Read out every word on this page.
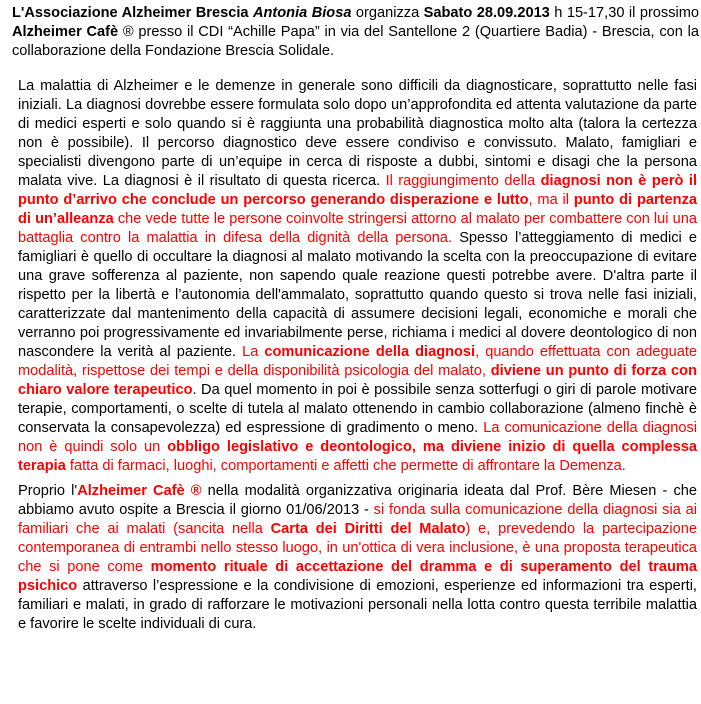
L'Associazione Alzheimer Brescia Antonia Biosa organizza Sabato 28.09.2013 h 15-17,30 il prossimo Alzheimer Cafè ® presso il CDI “Achille Papa” in via del Santellone 2 (Quartiere Badia) - Brescia, con la collaborazione della Fondazione Brescia Solidale.

La malattia di Alzheimer e le demenze in generale sono difficili da diagnosticare, soprattutto nelle fasi iniziali. La diagnosi dovrebbe essere formulata solo dopo un’approfondita ed attenta valutazione da parte di medici esperti e solo quando si è raggiunta una probabilità diagnostica molto alta (talora la certezza non è possibile). Il percorso diagnostico deve essere condiviso e convissuto. Malato, famigliari e specialisti divengono parte di un’equipe in cerca di risposte a dubbi, sintomi e disagi che la persona malata vive. La diagnosi è il risultato di questa ricerca. Il raggiungimento della diagnosi non è però il punto d’arrivo che conclude un percorso generando disperazione e lutto, ma il punto di partenza di un’alleanza che vede tutte le persone coinvolte stringersi attorno al malato per combattere con lui una battaglia contro la malattia in difesa della dignità della persona. Spesso l’atteggiamento di medici e famigliari è quello di occultare la diagnosi al malato motivando la scelta con la preoccupazione di evitare una grave sofferenza al paziente, non sapendo quale reazione questi potrebbe avere. D'altra parte il rispetto per la libertà e l’autonomia dell'ammalato, soprattutto quando questo si trova nelle fasi iniziali, caratterizzate dal mantenimento della capacità di assumere decisioni legali, economiche e morali che verranno poi progressivamente ed invariabilmente perse, richiama i medici al dovere deontologico di non nascondere la verità al paziente. La comunicazione della diagnosi, quando effettuata con adeguate modalità, rispettose dei tempi e della disponibilità psicologia del malato, diviene un punto di forza con chiaro valore terapeutico. Da quel momento in poi è possibile senza sotterfugi o giri di parole motivare terapie, comportamenti, o scelte di tutela al malato ottenendo in cambio collaborazione (almeno finchè è conservata la consapevolezza) ed espressione di gradimento o meno. La comunicazione della diagnosi non è quindi solo un obbligo legislativo e deontologico, ma diviene inizio di quella complessa terapia fatta di farmaci, luoghi, comportamenti e affetti che permette di affrontare la Demenza.

Proprio l'Alzheimer Cafè ® nella modalità organizzativa originaria ideata dal Prof. Bère Miesen - che abbiamo avuto ospite a Brescia il giorno 01/06/2013 - si fonda sulla comunicazione della diagnosi sia ai familiari che ai malati (sancita nella Carta dei Diritti del Malato) e, prevedendo la partecipazione contemporanea di entrambi nello stesso luogo, in un'ottica di vera inclusione, è una proposta terapeutica che si pone come momento rituale di accettazione del dramma e di superamento del trauma psichico attraverso l’espressione e la condivisione di emozioni, esperienze ed informazioni tra esperti, familiari e malati, in grado di rafforzare le motivazioni personali nella lotta contro questa terribile malattia e favorire le scelte individuali di cura.
